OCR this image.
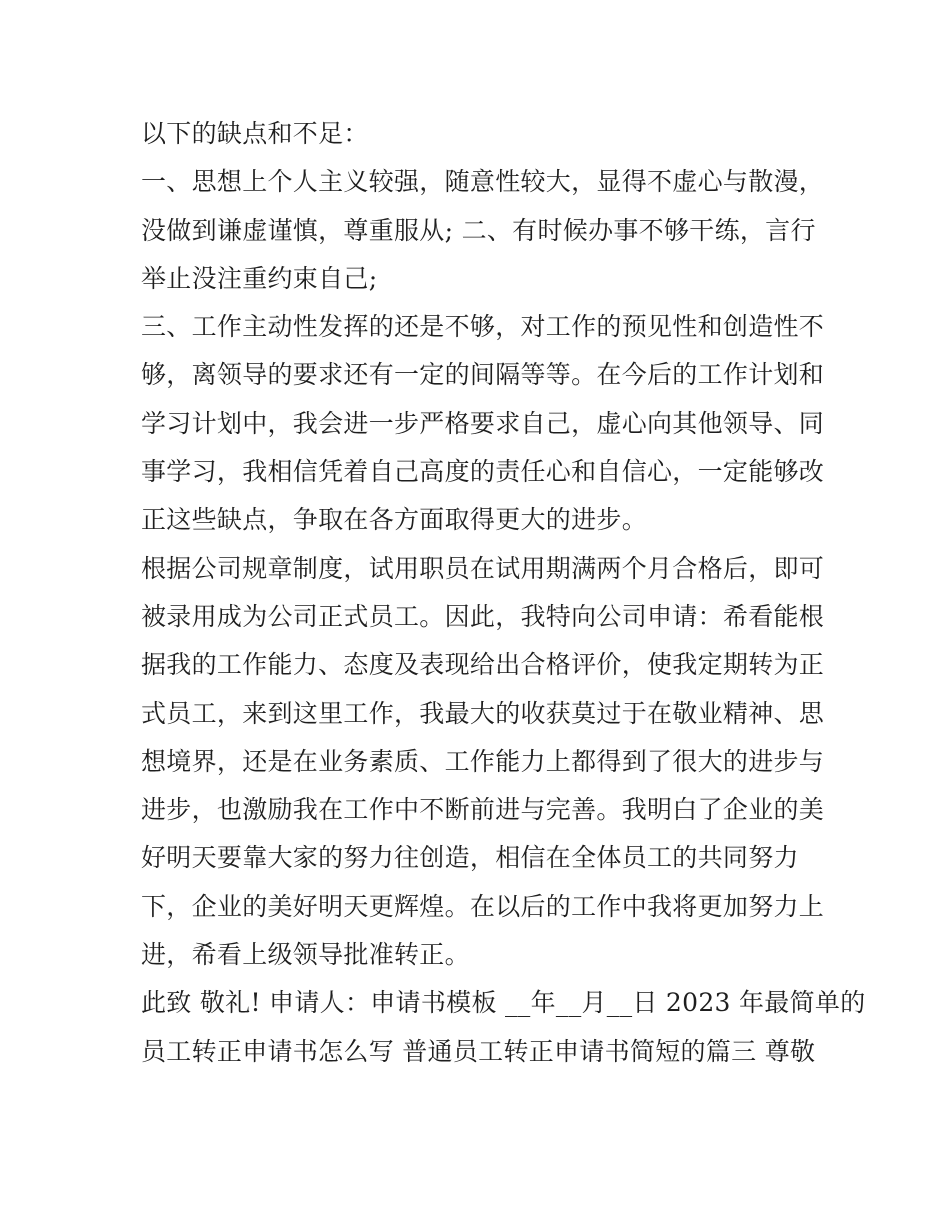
以下的缺点和不足：
一、思想上个人主义较强，随意性较大，显得不虚心与散漫，
没做到谦虚谨慎，尊重服从; 二、有时候办事不够干练，言行
举止没注重约束自己;
三、工作主动性发挥的还是不够，对工作的预见性和创造性不
够，离领导的要求还有一定的间隔等等。在今后的工作计划和
学习计划中，我会进一步严格要求自己，虚心向其他领导、同
事学习，我相信凭着自己高度的责任心和自信心，一定能够改
正这些缺点，争取在各方面取得更大的进步。
根据公司规章制度，试用职员在试用期满两个月合格后，即可
被录用成为公司正式员工。因此，我特向公司申请：希看能根
据我的工作能力、态度及表现给出合格评价，使我定期转为正
式员工，来到这里工作，我最大的收获莫过于在敬业精神、思
想境界，还是在业务素质、工作能力上都得到了很大的进步与
进步，也激励我在工作中不断前进与完善。我明白了企业的美
好明天要靠大家的努力往创造，相信在全体员工的共同努力
下，企业的美好明天更辉煌。在以后的工作中我将更加努力上
进，希看上级领导批准转正。
此致 敬礼! 申请人：申请书模板 __年__月__日 2023 年最简单的
员工转正申请书怎么写 普通员工转正申请书简短的篇三 尊敬
